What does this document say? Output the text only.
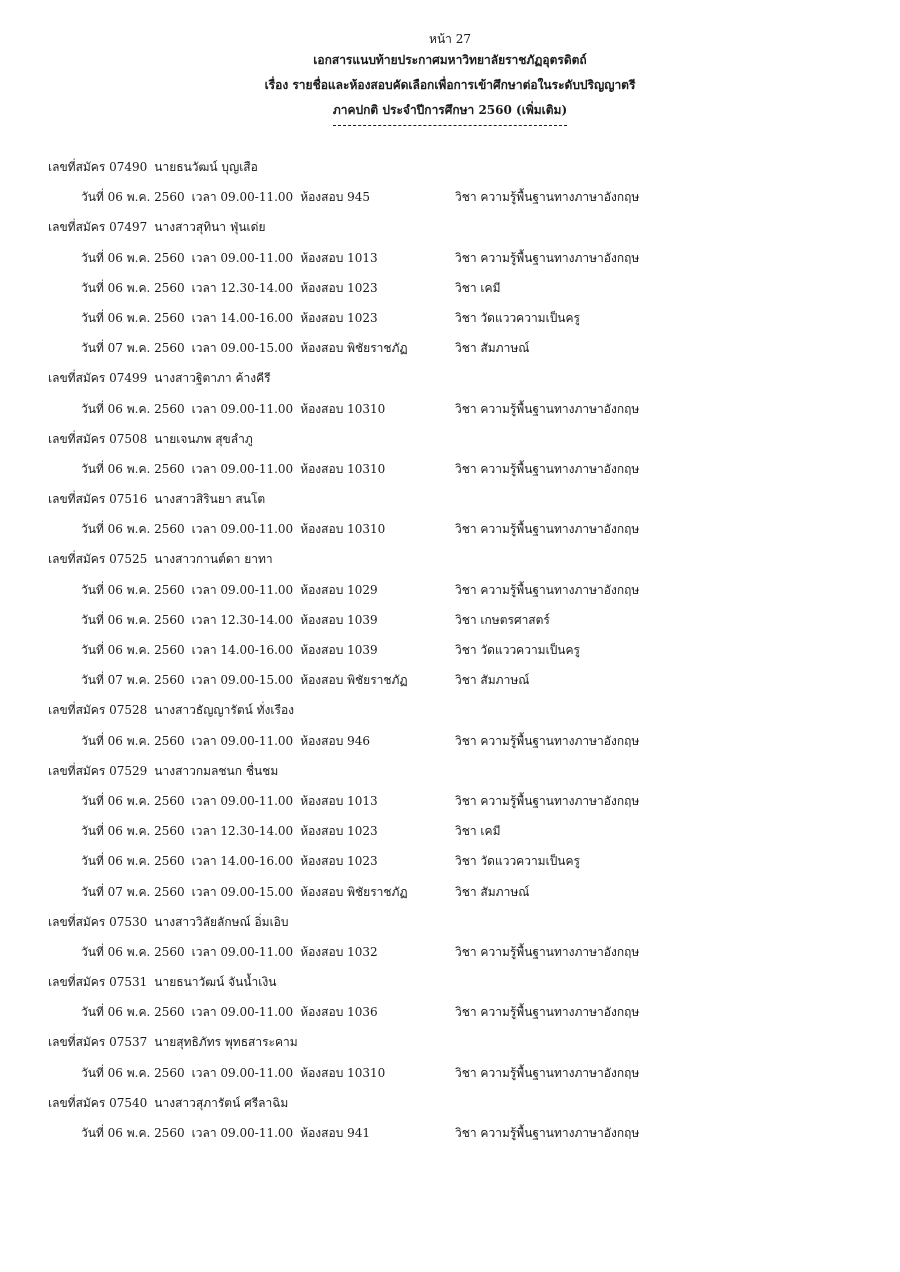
หน้า 27
เอกสารแนบท้ายประกาศมหาวิทยาลัยราชภัฏอุตรดิตถ์
เรื่อง รายชื่อและห้องสอบคัดเลือกเพื่อการเข้าศึกษาต่อในระดับปริญญาตรี
ภาคปกติ ประจำปีการศึกษา 2560 (เพิ่มเติม)
เลขที่สมัคร 07490 นายธนวัฒน์ บุญเสือ
วันที่ 06 พ.ค. 2560 เวลา 09.00-11.00 ห้องสอบ 945	วิชา ความรู้พื้นฐานทางภาษาอังกฤษ
เลขที่สมัคร 07497 นางสาวสุทินา ฟุ่นเด่ย
วันที่ 06 พ.ค. 2560 เวลา 09.00-11.00 ห้องสอบ 1013	วิชา ความรู้พื้นฐานทางภาษาอังกฤษ
วันที่ 06 พ.ค. 2560 เวลา 12.30-14.00 ห้องสอบ 1023	วิชา เคมี
วันที่ 06 พ.ค. 2560 เวลา 14.00-16.00 ห้องสอบ 1023	วิชา วัดแววความเป็นครู
วันที่ 07 พ.ค. 2560 เวลา 09.00-15.00 ห้องสอบ พิชัยราชภัฏ	วิชา สัมภาษณ์
เลขที่สมัคร 07499 นางสาวฐิตาภา ค้างคีรี
วันที่ 06 พ.ค. 2560 เวลา 09.00-11.00 ห้องสอบ 10310	วิชา ความรู้พื้นฐานทางภาษาอังกฤษ
เลขที่สมัคร 07508 นายเจนภพ สุขลำภู
วันที่ 06 พ.ค. 2560 เวลา 09.00-11.00 ห้องสอบ 10310	วิชา ความรู้พื้นฐานทางภาษาอังกฤษ
เลขที่สมัคร 07516 นางสาวสิรินยา สนโต
วันที่ 06 พ.ค. 2560 เวลา 09.00-11.00 ห้องสอบ 10310	วิชา ความรู้พื้นฐานทางภาษาอังกฤษ
เลขที่สมัคร 07525 นางสาวกานต์ดา ยาทา
วันที่ 06 พ.ค. 2560 เวลา 09.00-11.00 ห้องสอบ 1029	วิชา ความรู้พื้นฐานทางภาษาอังกฤษ
วันที่ 06 พ.ค. 2560 เวลา 12.30-14.00 ห้องสอบ 1039	วิชา เกษตรศาสตร์
วันที่ 06 พ.ค. 2560 เวลา 14.00-16.00 ห้องสอบ 1039	วิชา วัดแววความเป็นครู
วันที่ 07 พ.ค. 2560 เวลา 09.00-15.00 ห้องสอบ พิชัยราชภัฏ	วิชา สัมภาษณ์
เลขที่สมัคร 07528 นางสาวธัญญารัตน์ ทั่งเรือง
วันที่ 06 พ.ค. 2560 เวลา 09.00-11.00 ห้องสอบ 946	วิชา ความรู้พื้นฐานทางภาษาอังกฤษ
เลขที่สมัคร 07529 นางสาวกมลชนก ชื่นชม
วันที่ 06 พ.ค. 2560 เวลา 09.00-11.00 ห้องสอบ 1013	วิชา ความรู้พื้นฐานทางภาษาอังกฤษ
วันที่ 06 พ.ค. 2560 เวลา 12.30-14.00 ห้องสอบ 1023	วิชา เคมี
วันที่ 06 พ.ค. 2560 เวลา 14.00-16.00 ห้องสอบ 1023	วิชา วัดแววความเป็นครู
วันที่ 07 พ.ค. 2560 เวลา 09.00-15.00 ห้องสอบ พิชัยราชภัฏ	วิชา สัมภาษณ์
เลขที่สมัคร 07530 นางสาววิลัยลักษณ์ อิ่มเอิบ
วันที่ 06 พ.ค. 2560 เวลา 09.00-11.00 ห้องสอบ 1032	วิชา ความรู้พื้นฐานทางภาษาอังกฤษ
เลขที่สมัคร 07531 นายธนาวัฒน์ จันน้ำเงิน
วันที่ 06 พ.ค. 2560 เวลา 09.00-11.00 ห้องสอบ 1036	วิชา ความรู้พื้นฐานทางภาษาอังกฤษ
เลขที่สมัคร 07537 นายสุทธิภัทร พุทธสาระคาม
วันที่ 06 พ.ค. 2560 เวลา 09.00-11.00 ห้องสอบ 10310	วิชา ความรู้พื้นฐานทางภาษาอังกฤษ
เลขที่สมัคร 07540 นางสาวสุภารัตน์ ศรีลาฉิม
วันที่ 06 พ.ค. 2560 เวลา 09.00-11.00 ห้องสอบ 941	วิชา ความรู้พื้นฐานทางภาษาอังกฤษ
